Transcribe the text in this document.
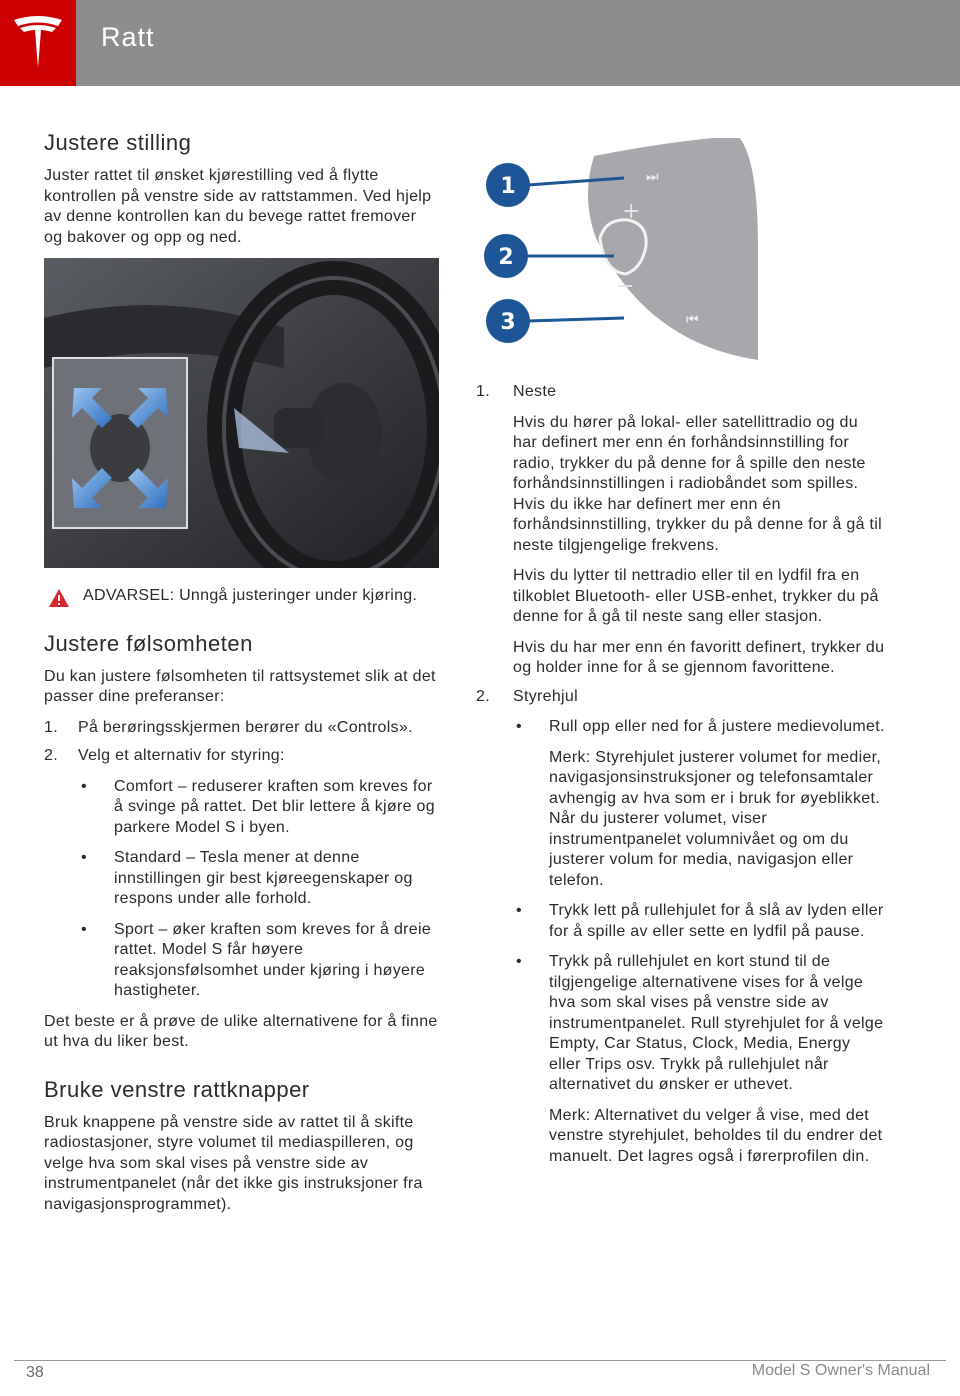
Ratt
Justere stilling

Juster rattet til ønsket kjørestilling ved å flytte kontrollen på venstre side av rattstammen. Ved hjelp av denne kontrollen kan du bevege rattet fremover og bakover og opp og ned.

ADVARSEL: Unngå justeringer under kjøring.
Justere følsomheten

Du kan justere følsomheten til rattsystemet slik at det passer dine preferanser:

1. På berøringsskjermen berører du «Controls».
2. Velg et alternativ for styring:
• Comfort – reduserer kraften som kreves for å svinge på rattet. Det blir lettere å kjøre og parkere Model S i byen.
• Standard – Tesla mener at denne innstillingen gir best kjøreegenskaper og respons under alle forhold.
• Sport – øker kraften som kreves for å dreie rattet. Model S får høyere reaksjonsfølsomhet under kjøring i høyere hastigheter.

Det beste er å prøve de ulike alternativene for å finne ut hva du liker best.

Bruke venstre rattknapper

Bruk knappene på venstre side av rattet til å skifte radiostasjoner, styre volumet til mediaspilleren, og velge hva som skal vises på venstre side av instrumentpanelet (når det ikke gis instruksjoner fra navigasjonsprogrammet).

⏭
⏮
+
−
1
2
3
1. Neste

Hvis du hører på lokal- eller satellittradio og du har definert mer enn én forhåndsinnstilling for radio, trykker du på denne for å spille den neste forhåndsinnstillingen i radiobåndet som spilles. Hvis du ikke har definert mer enn én forhåndsinnstilling, trykker du på denne for å gå til neste tilgjengelige frekvens.

Hvis du lytter til nettradio eller til en lydfil fra en tilkoblet Bluetooth- eller USB-enhet, trykker du på denne for å gå til neste sang eller stasjon.

Hvis du har mer enn én favoritt definert, trykker du og holder inne for å se gjennom favorittene.

2. Styrehjul
• Rull opp eller ned for å justere medievolumet.

Merk: Styrehjulet justerer volumet for medier, navigasjonsinstruksjoner og telefonsamtaler avhengig av hva som er i bruk for øyeblikket. Når du justerer volumet, viser instrumentpanelet volumnivået og om du justerer volum for media, navigasjon eller telefon.

• Trykk lett på rullehjulet for å slå av lyden eller for å spille av eller sette en lydfil på pause.
• Trykk på rullehjulet en kort stund til de tilgjengelige alternativene vises for å velge hva som skal vises på venstre side av instrumentpanelet. Rull styrehjulet for å velge Empty, Car Status, Clock, Media, Energy eller Trips osv. Trykk på rullehjulet når alternativet du ønsker er uthevet.

Merk: Alternativet du velger å vise, med det venstre styrehjulet, beholdes til du endrer det manuelt. Det lagres også i førerprofilen din.

38	Model S Owner's Manual
